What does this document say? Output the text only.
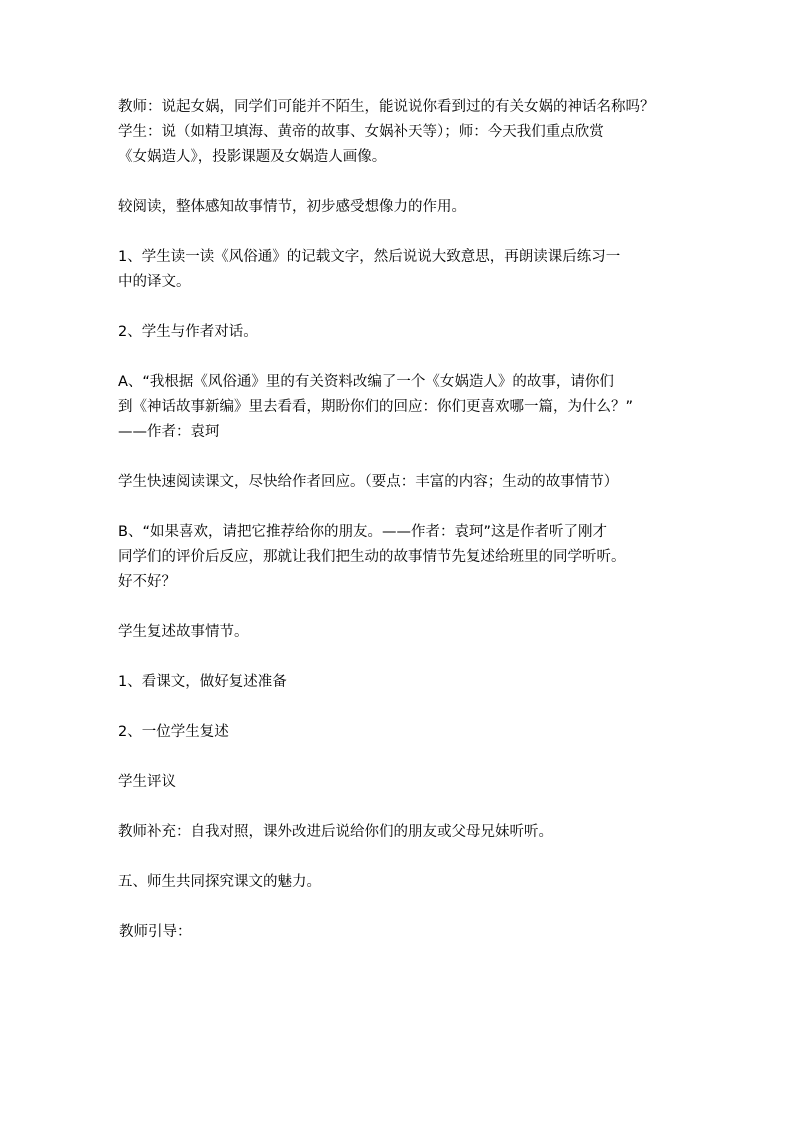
教师：说起女娲，同学们可能并不陌生，能说说你看到过的有关女娲的神话名称吗？
学生：说（如精卫填海、黄帝的故事、女娲补天等）；师：今天我们重点欣赏
《女娲造人》，投影课题及女娲造人画像。

较阅读，整体感知故事情节，初步感受想像力的作用。

1、学生读一读《风俗通》的记载文字，然后说说大致意思，再朗读课后练习一
中的译文。

2、学生与作者对话。

A、“我根据《风俗通》里的有关资料改编了一个《女娲造人》的故事，请你们
到《神话故事新编》里去看看，期盼你们的回应：你们更喜欢哪一篇，为什么？”
——作者：袁珂

学生快速阅读课文，尽快给作者回应。（要点：丰富的内容；生动的故事情节）

B、“如果喜欢，请把它推荐给你的朋友。——作者：袁珂”这是作者听了刚才
同学们的评价后反应，那就让我们把生动的故事情节先复述给班里的同学听听。
好不好？

学生复述故事情节。

1、看课文，做好复述准备

2、一位学生复述

学生评议

教师补充：自我对照，课外改进后说给你们的朋友或父母兄妹听听。

五、师生共同探究课文的魅力。

教师引导：
